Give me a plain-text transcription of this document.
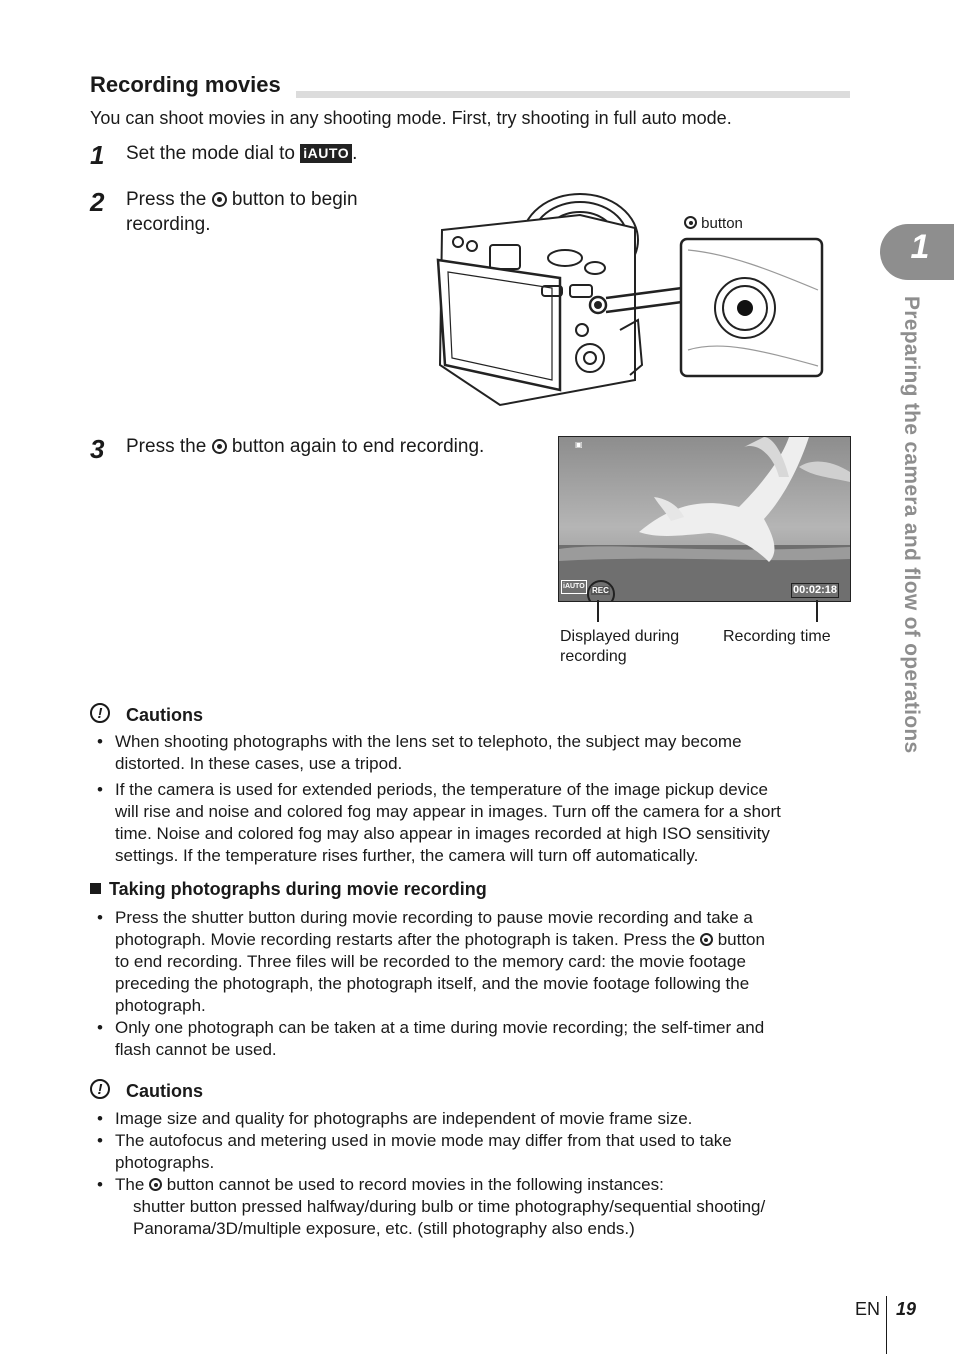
Recording movies
You can shoot movies in any shooting mode. First, try shooting in full auto mode.
1 Set the mode dial to iAUTO .
2 Press the button to begin
recording.	button
3 Press the button again to end recording.	▣
iAUTO REC	00:02:18
Displayed during
recording
Recording time
!	Cautions
• When shooting photographs with the lens set to telephoto, the subject may become
distorted. In these cases, use a tripod.
• If the camera is used for extended periods, the temperature of the image pickup device
will rise and noise and colored fog may appear in images. Turn off the camera for a short
time. Noise and colored fog may also appear in images recorded at high ISO sensitivity
settings. If the temperature rises further, the camera will turn off automatically.
Taking photographs during movie recording
• Press the shutter button during movie recording to pause movie recording and take a
photograph. Movie recording restarts after the photograph is taken. Press the button
to end recording. Three files will be recorded to the memory card: the movie footage
preceding the photograph, the photograph itself, and the movie footage following the
photograph.
• Only one photograph can be taken at a time during movie recording; the self-timer and
flash cannot be used.
!	Cautions
• Image size and quality for photographs are independent of movie frame size.
• The autofocus and metering used in movie mode may differ from that used to take
photographs.
• The button cannot be used to record movies in the following instances:
shutter button pressed halfway/during bulb or time photography/sequential shooting/
Panorama/3D/multiple exposure, etc. (still photography also ends.)
1
Preparing the camera and flow of operations
EN 19
